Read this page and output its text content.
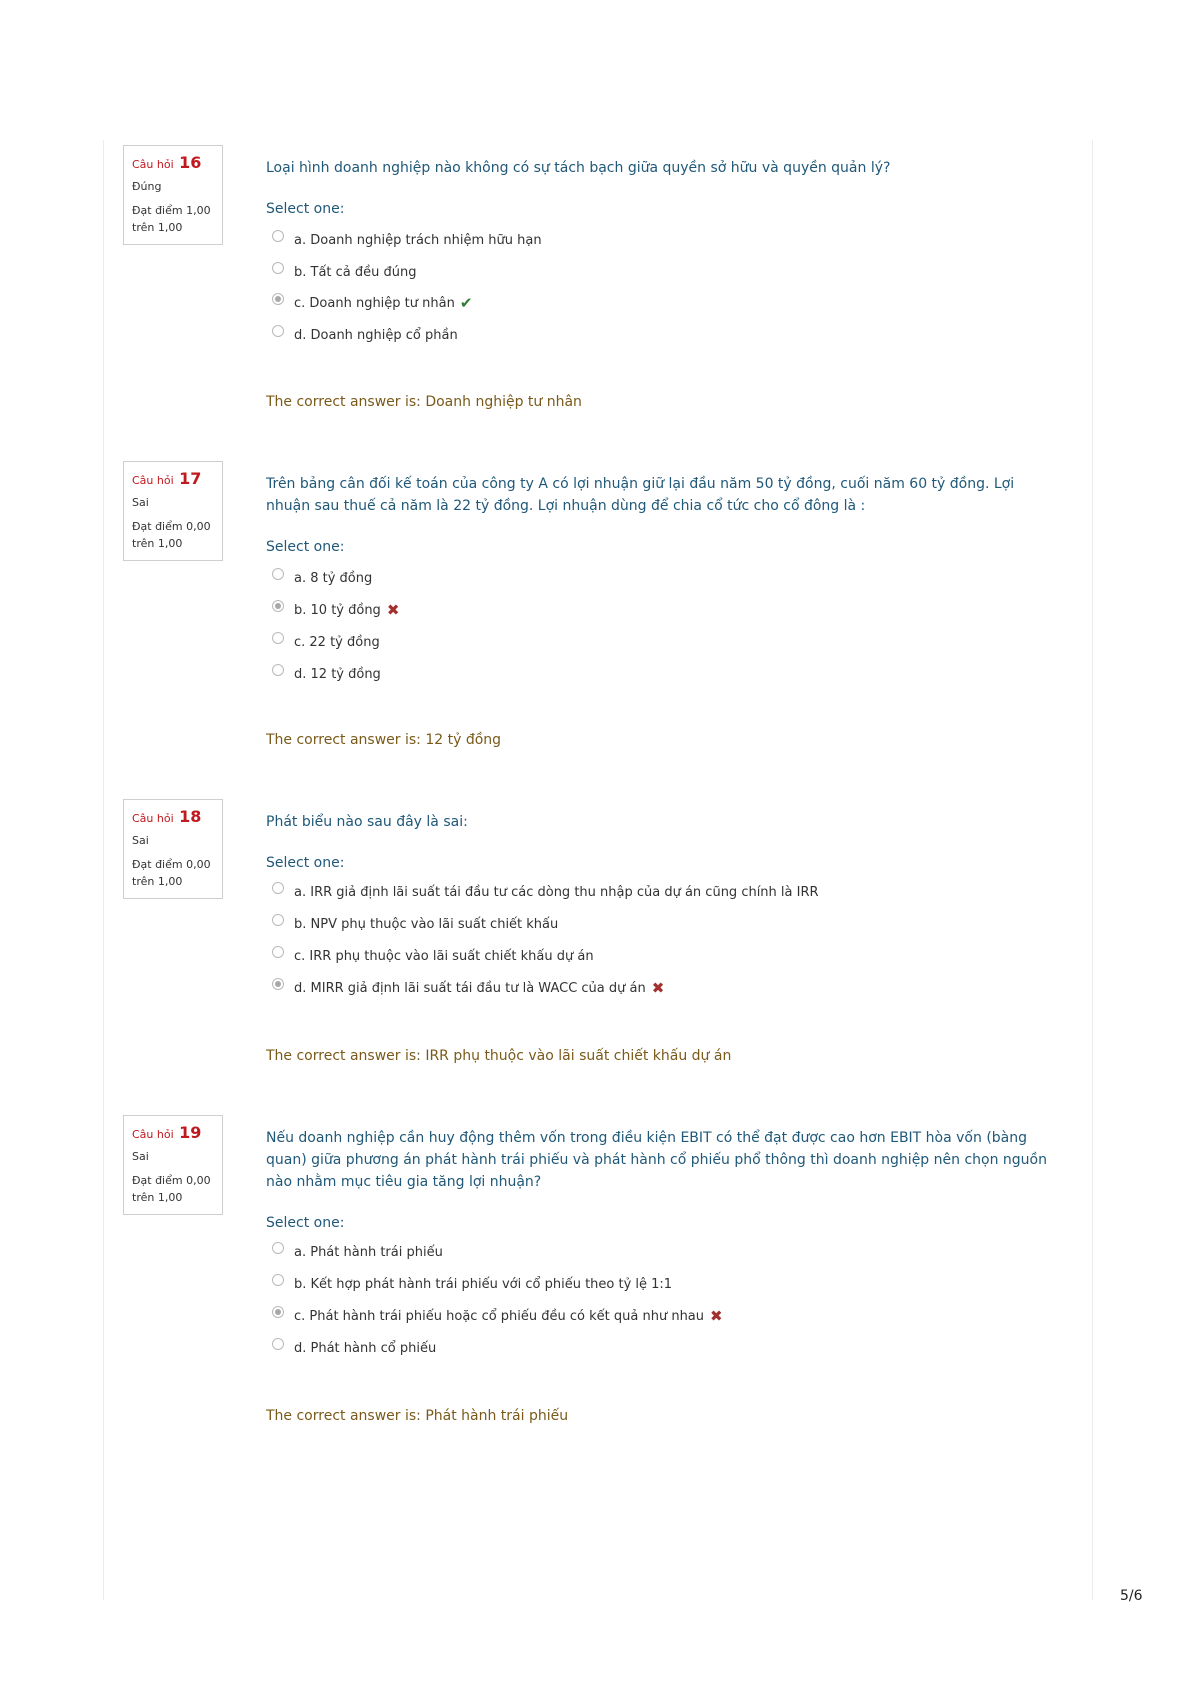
Câu hỏi 16
Đúng
Đạt điểm 1,00 trên 1,00
Loại hình doanh nghiệp nào không có sự tách bạch giữa quyền sở hữu và quyền quản lý?
Select one:
a. Doanh nghiệp trách nhiệm hữu hạn
b. Tất cả đều đúng
c. Doanh nghiệp tư nhân ✔
d. Doanh nghiệp cổ phần
The correct answer is: Doanh nghiệp tư nhân
Câu hỏi 17
Sai
Đạt điểm 0,00 trên 1,00
Trên bảng cân đối kế toán của công ty A có lợi nhuận giữ lại đầu năm 50 tỷ đồng, cuối năm 60 tỷ đồng. Lợi nhuận sau thuế cả năm là 22 tỷ đồng. Lợi nhuận dùng để chia cổ tức cho cổ đông là :
Select one:
a. 8 tỷ đồng
b. 10 tỷ đồng ✖
c. 22 tỷ đồng
d. 12 tỷ đồng
The correct answer is: 12 tỷ đồng
Câu hỏi 18
Sai
Đạt điểm 0,00 trên 1,00
Phát biểu nào sau đây là sai:
Select one:
a. IRR giả định lãi suất tái đầu tư các dòng thu nhập của dự án cũng chính là IRR
b. NPV phụ thuộc vào lãi suất chiết khấu
c. IRR phụ thuộc vào lãi suất chiết khấu dự án
d. MIRR giả định lãi suất tái đầu tư là WACC của dự án ✖
The correct answer is: IRR phụ thuộc vào lãi suất chiết khấu dự án
Câu hỏi 19
Sai
Đạt điểm 0,00 trên 1,00
Nếu doanh nghiệp cần huy động thêm vốn trong điều kiện EBIT có thể đạt được cao hơn EBIT hòa vốn (bàng quan) giữa phương án phát hành trái phiếu và phát hành cổ phiếu phổ thông thì doanh nghiệp nên chọn nguồn nào nhằm mục tiêu gia tăng lợi nhuận?
Select one:
a. Phát hành trái phiếu
b. Kết hợp phát hành trái phiếu với cổ phiếu theo tỷ lệ 1:1
c. Phát hành trái phiếu hoặc cổ phiếu đều có kết quả như nhau ✖
d. Phát hành cổ phiếu
The correct answer is: Phát hành trái phiếu
5/6
